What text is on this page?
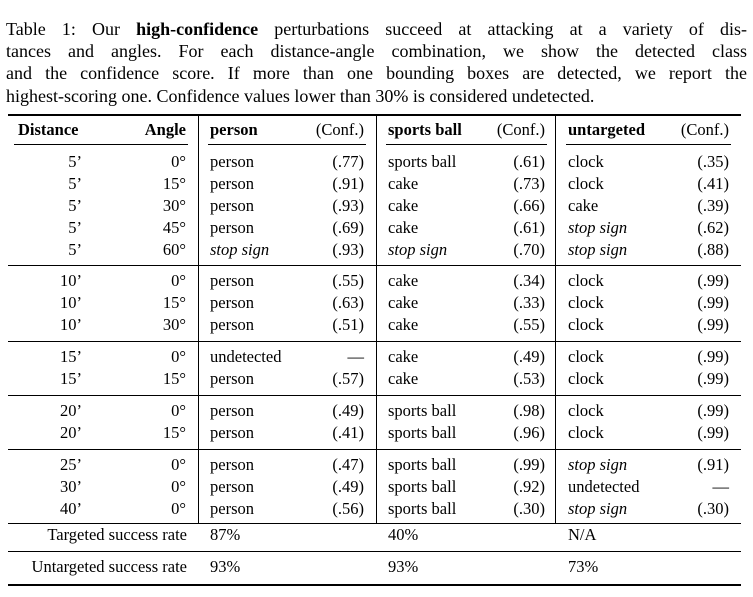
Table 1: Our high-confidence perturbations succeed at attacking at a variety of dis-
tances and angles. For each distance-angle combination, we show the detected class
and the confidence score. If more than one bounding boxes are detected, we report the
highest-scoring one. Confidence values lower than 30% is considered undetected.
Distance	Angle person	(Conf.) sports ball	(Conf.) untargeted	(Conf.)
5’	0° person	(.77) sports ball	(.61) clock	(.35)
5’	15° person	(.91) cake	(.73) clock	(.41)
5’	30° person	(.93) cake	(.66) cake	(.39)
5’	45° person	(.69) cake	(.61) stop sign	(.62)
5’	60° stop sign	(.93) stop sign	(.70) stop sign	(.88)
10’	0° person	(.55) cake	(.34) clock	(.99)
10’	15° person	(.63) cake	(.33) clock	(.99)
10’	30° person	(.51) cake	(.55) clock	(.99)
15’	0° undetected	— cake	(.49) clock	(.99)
15’	15° person	(.57) cake	(.53) clock	(.99)
20’	0° person	(.49) sports ball	(.98) clock	(.99)
20’	15° person	(.41) sports ball	(.96) clock	(.99)
25’	0° person	(.47) sports ball	(.99) stop sign	(.91)
30’	0° person	(.49) sports ball	(.92) undetected	—
40’	0° person	(.56) sports ball	(.30) stop sign	(.30)
Targeted success rate 87%	40%	N/A
Untargeted success rate 93%	93%	73%
